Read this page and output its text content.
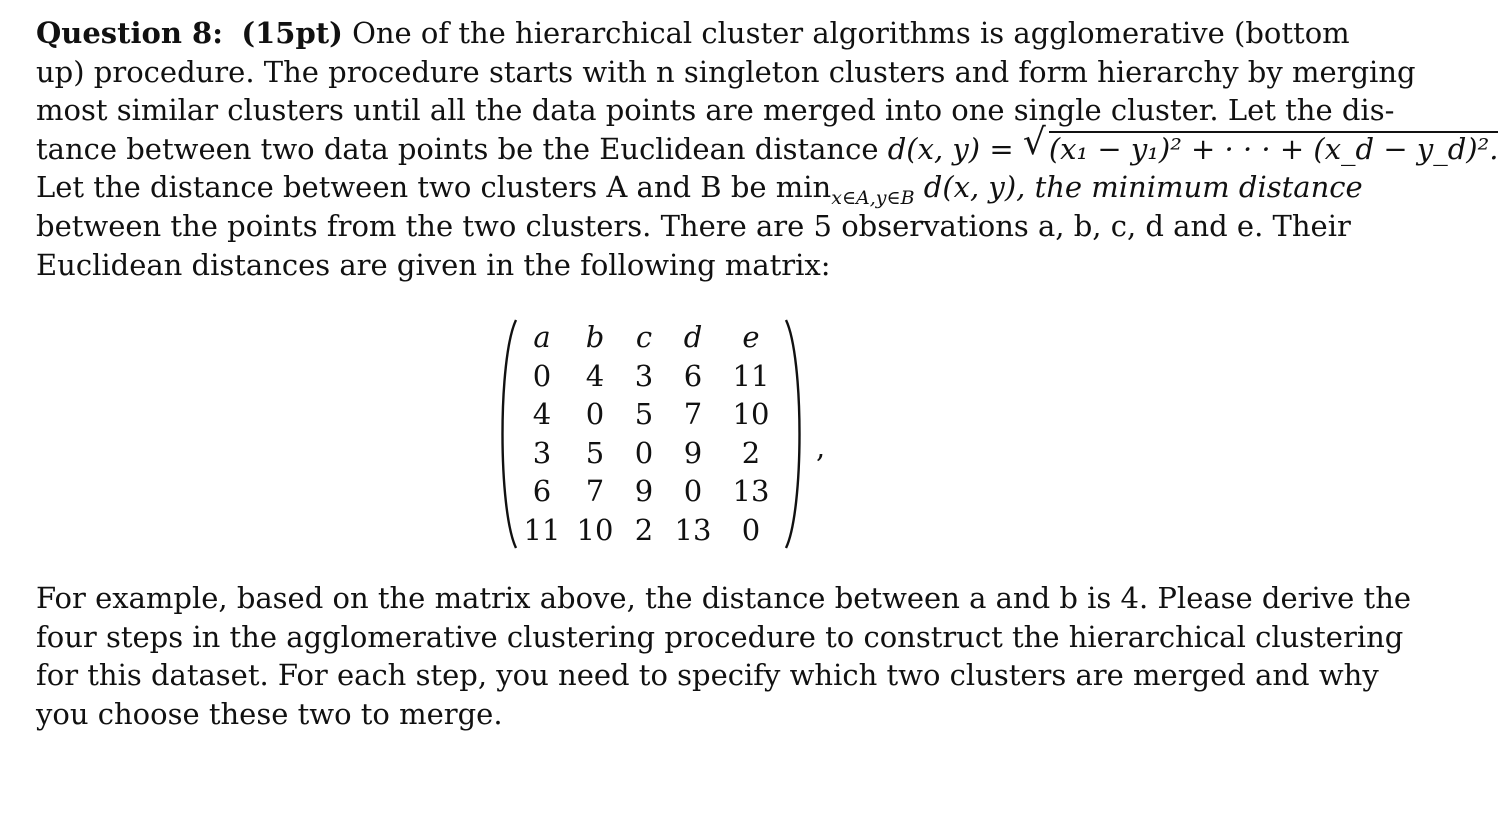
Question 8: (15pt) One of the hierarchical cluster algorithms is agglomerative (bottom
up) procedure. The procedure starts with n singleton clusters and form hierarchy by merging
most similar clusters until all the data points are merged into one single cluster. Let the dis-
tance between two data points be the Euclidean distance d(x, y) = √ (x₁ − y₁)² + · · · + (x_d − y_d)².
Let the distance between two clusters A and B be $\min_{x\in A,y\in B} d(x$, y), the minimum distance
between the points from the two clusters. There are 5 observations a, b, c, d and e. Their
Euclidean distances are given in the following matrix:
a	b	c	d	e
0	4	3	6	11
4	0	5	7	10
3	5	0	9	2
6	7	9	0	13
11	10	2	13	0
,
For example, based on the matrix above, the distance between a and b is 4. Please derive the
four steps in the agglomerative clustering procedure to construct the hierarchical clustering
for this dataset. For each step, you need to specify which two clusters are merged and why
you choose these two to merge.
